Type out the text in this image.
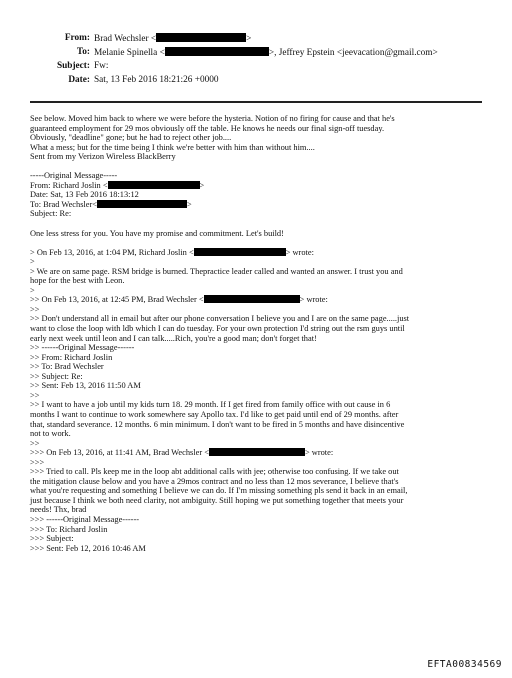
From: Brad Wechsler <	>
To: Melanie Spinella <	>, Jeffrey Epstein <jeevacation@gmail.com>
Subject: Fw:
Date: Sat, 13 Feb 2016 18:21:26 +0000
See below. Moved him back to where we were before the hysteria. Notion of no firing for cause and that he's
guaranteed employment for 29 mos obviously off the table. He knows he needs our final sign-off tuesday.
Obviously, "deadline" gone; but he had to reject other job....
What a mess; but for the time being I think we're better with him than without him....
Sent from my Verizon Wireless BlackBerry
-----Original Message-----
From: Richard Joslin <	>
Date: Sat, 13 Feb 2016 18:13:12
To: Brad Wechsler<	>
Subject: Re:
One less stress for you. You have my promise and commitment. Let's build!
> On Feb 13, 2016, at 1:04 PM, Richard Joslin <	> wrote:
>
> We are on same page. RSM bridge is burned. Thepractice leader called and wanted an answer. I trust you and
hope for the best with Leon.
>
>> On Feb 13, 2016, at 12:45 PM, Brad Wechsler <	> wrote:
>>
>> Don't understand all in email but after our phone conversation I believe you and I are on the same page.....just
want to close the loop with ldb which I can do tuesday. For your own protection I'd string out the rsm guys until
early next week until leon and I can talk.....Rich, you're a good man; don't forget that!
>> ------Original Message------
>> From: Richard Joslin
>> To: Brad Wechsler
>> Subject: Re:
>> Sent: Feb 13, 2016 11:50 AM
>>
>> I want to have a job until my kids turn 18. 29 month. If I get fired from family office with out cause in 6
months I want to continue to work somewhere say Apollo tax. I'd like to get paid until end of 29 months. after
that, standard severance. 12 months. 6 min minimum. I don't want to be fired in 5 months and have disincentive
not to work.
>>
>>> On Feb 13, 2016, at 11:41 AM, Brad Wechsler <	> wrote:
>>>
>>> Tried to call. Pls keep me in the loop abt additional calls with jee; otherwise too confusing. If we take out
the mitigation clause below and you have a 29mos contract and no less than 12 mos severance, I believe that's
what you're requesting and something I believe we can do. If I'm missing something pls send it back in an email,
just because I think we both need clarity, not ambiguity. Still hoping we put something together that meets your
needs! Thx, brad
>>> ------Original Message------
>>> To: Richard Joslin
>>> Subject:
>>> Sent: Feb 12, 2016 10:46 AM
EFTA00834569
